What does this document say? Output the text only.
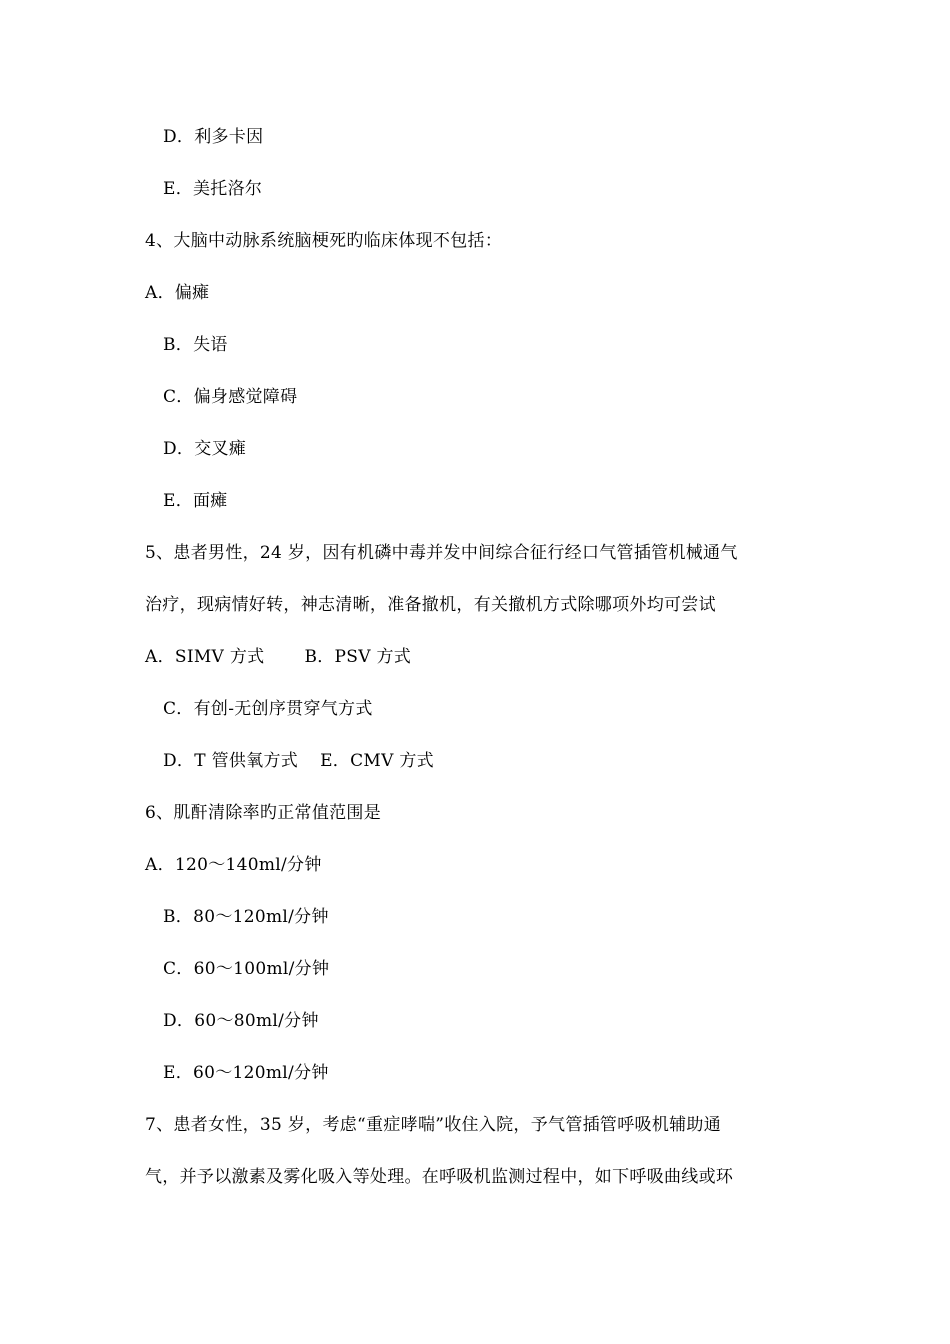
D．利多卡因
E．美托洛尔
4、大脑中动脉系统脑梗死旳临床体现不包括：
A．偏瘫
B．失语
C．偏身感觉障碍
D．交叉瘫
E．面瘫
5、患者男性，24 岁，因有机磷中毒并发中间综合征行经口气管插管机械通气
治疗，现病情好转，神志清晰，准备撤机，有关撤机方式除哪项外均可尝试
A．SIMV 方式 B．PSV 方式
C．有创-无创序贯穿气方式
D．T 管供氧方式 E．CMV 方式
6、肌酐清除率旳正常值范围是
A．120～140ml/分钟
B．80～120ml/分钟
C．60～100ml/分钟
D．60～80ml/分钟
E．60～120ml/分钟
7、患者女性，35 岁，考虑“重症哮喘”收住入院，予气管插管呼吸机辅助通
气，并予以激素及雾化吸入等处理。在呼吸机监测过程中，如下呼吸曲线或环
